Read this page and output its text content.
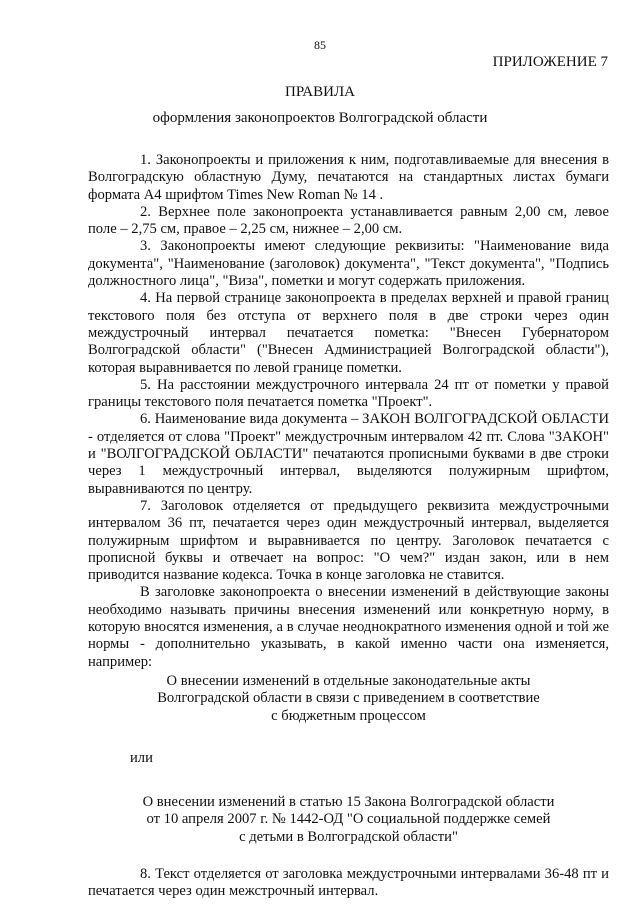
85
ПРИЛОЖЕНИЕ 7
ПРАВИЛА
оформления законопроектов Волгоградской области

1. Законопроекты и приложения к ним, подготавливаемые для внесения в Волгоградскую областную Думу, печатаются на стандартных листах бумаги формата А4 шрифтом Times New Roman № 14 .

2. Верхнее поле законопроекта устанавливается равным 2,00 см, левое поле – 2,75 см, правое – 2,25 см, нижнее – 2,00 см.

3. Законопроекты имеют следующие реквизиты: "Наименование вида документа", "Наименование (заголовок) документа", "Текст документа", "Подпись должностного лица", "Виза", пометки и могут содержать приложения.

4. На первой странице законопроекта в пределах верхней и правой границ текстового поля без отступа от верхнего поля в две строки через один междустрочный интервал печатается пометка: "Внесен Губернатором Волгоградской области" ("Внесен Администрацией Волгоградской области"), которая выравнивается по левой границе пометки.

5. На расстоянии междустрочного интервала 24 пт от пометки у правой границы текстового поля печатается пометка "Проект".

6. Наименование вида документа – ЗАКОН ВОЛГОГРАДСКОЙ ОБЛАСТИ - отделяется от слова "Проект" междустрочным интервалом 42 пт. Слова "ЗАКОН" и "ВОЛГОГРАДСКОЙ ОБЛАСТИ" печатаются прописными буквами в две строки через 1 междустрочный интервал, выделяются полужирным шрифтом, выравниваются по центру.

7. Заголовок отделяется от предыдущего реквизита междустрочными интервалом 36 пт, печатается через один междустрочный интервал, выделяется полужирным шрифтом и выравнивается по центру. Заголовок печатается с прописной буквы и отвечает на вопрос: "О чем?" издан закон, или в нем приводится название кодекса. Точка в конце заголовка не ставится.

В заголовке законопроекта о внесении изменений в действующие законы необходимо называть причины внесения изменений или конкретную норму, в которую вносятся изменения, а в случае неоднократного изменения одной и той же нормы - дополнительно указывать, в какой именно части она изменяется, например:

О внесении изменений в отдельные законодательные акты
Волгоградской области в связи с приведением в соответствие
с бюджетным процессом
или
О внесении изменений в статью 15 Закона Волгоградской области
от 10 апреля 2007 г. № 1442-ОД "О социальной поддержке семей
с детьми в Волгоградской области"

8. Текст отделяется от заголовка междустрочными интервалами 36-48 пт и печатается через один межстрочный интервал.
